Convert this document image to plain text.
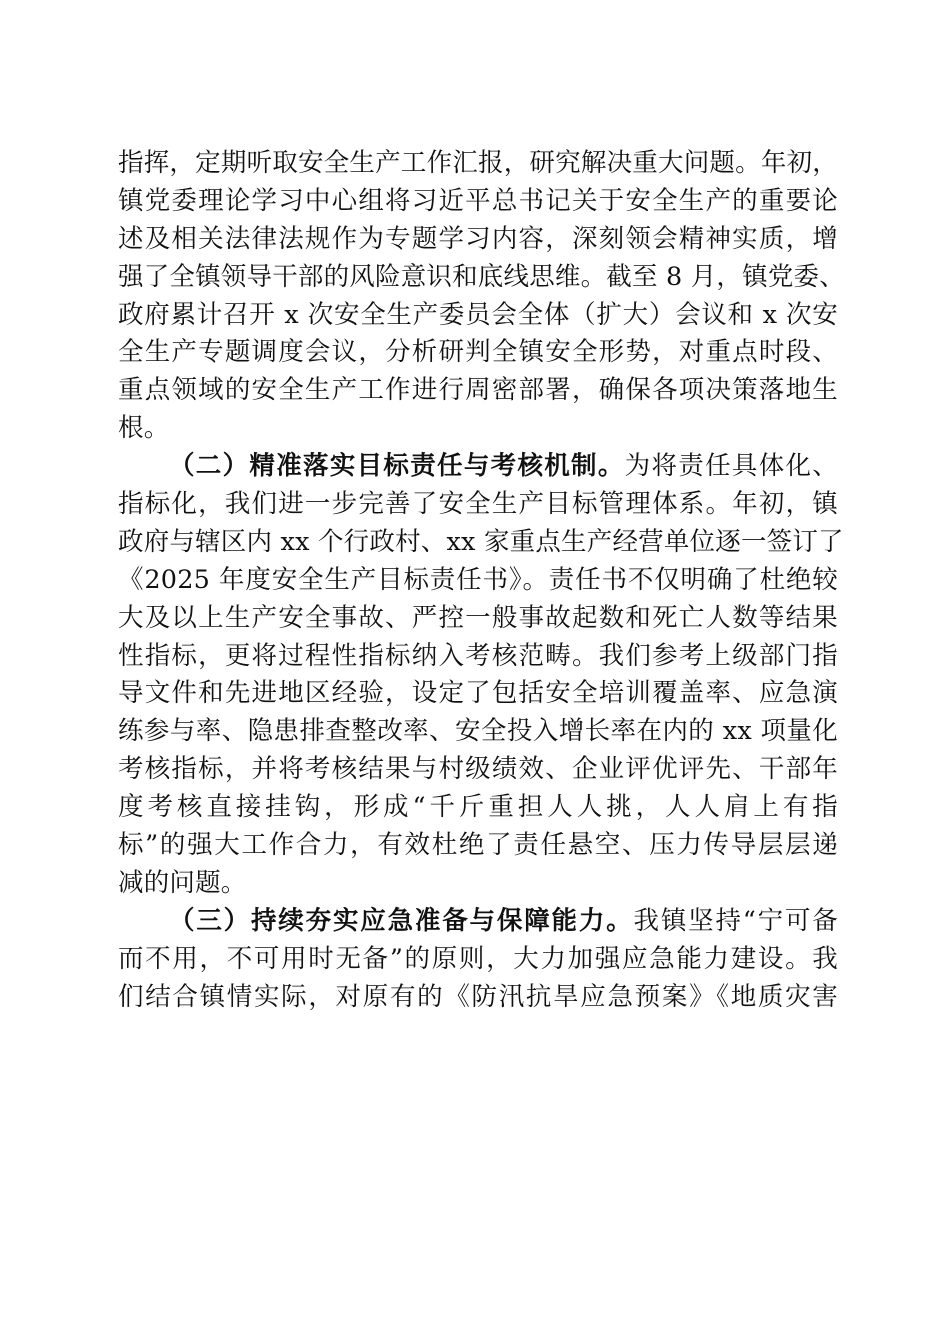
指挥，定期听取安全生产工作汇报，研究解决重大问题。年初，
镇党委理论学习中心组将习近平总书记关于安全生产的重要论
述及相关法律法规作为专题学习内容，深刻领会精神实质，增
强了全镇领导干部的风险意识和底线思维。截至 8 月，镇党委、
政府累计召开 x 次安全生产委员会全体（扩大）会议和 x 次安
全生产专题调度会议，分析研判全镇安全形势，对重点时段、
重点领域的安全生产工作进行周密部署，确保各项决策落地生
根。
（二）精准落实目标责任与考核机制。为将责任具体化、
指标化，我们进一步完善了安全生产目标管理体系。年初，镇
政府与辖区内 xx 个行政村、xx 家重点生产经营单位逐一签订了
《2025 年度安全生产目标责任书》。责任书不仅明确了杜绝较
大及以上生产安全事故、严控一般事故起数和死亡人数等结果
性指标，更将过程性指标纳入考核范畴。我们参考上级部门指
导文件和先进地区经验，设定了包括安全培训覆盖率、应急演
练参与率、隐患排查整改率、安全投入增长率在内的 xx 项量化
考核指标，并将考核结果与村级绩效、企业评优评先、干部年
度考核直接挂钩，形成“千斤重担人人挑，人人肩上有指
标”的强大工作合力，有效杜绝了责任悬空、压力传导层层递
减的问题。
（三）持续夯实应急准备与保障能力。我镇坚持“宁可备
而不用，不可用时无备”的原则，大力加强应急能力建设。我
们结合镇情实际，对原有的《防汛抗旱应急预案》《地质灾害
